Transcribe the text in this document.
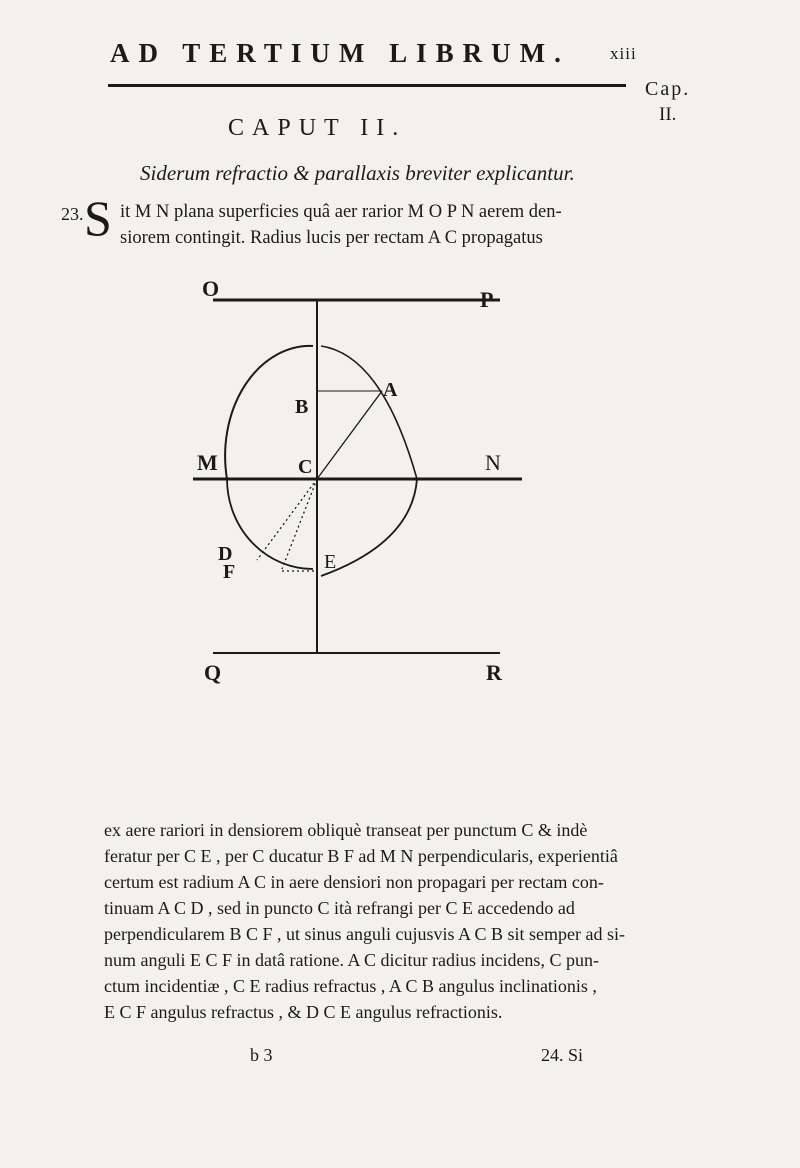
AD TERTIUM LIBRUM. xiii
Cap.
II.
CAPUT II.
Siderum refractio & parallaxis breviter explicantur.
23. S it M N plana superficies quâ aer rarior M O P N aerem den-
siorem contingit. Radius lucis per rectam A C propagatus
O	P
M	N
B
A
C
D
F	E
Q	R
ex aere rariori in densiorem obliquè transeat per punctum C & indè
feratur per C E , per C ducatur B F ad M N perpendicularis, experientiâ
certum est radium A C in aere densiori non propagari per rectam con-
tinuam A C D , sed in puncto C ità refrangi per C E accedendo ad
perpendicularem B C F , ut sinus anguli cujusvis A C B sit semper ad si-
num anguli E C F in datâ ratione. A C dicitur radius incidens, C pun-
ctum incidentiæ , C E radius refractus , A C B angulus inclinationis ,
E C F angulus refractus , & D C E angulus refractionis.
b 3	24. Si
